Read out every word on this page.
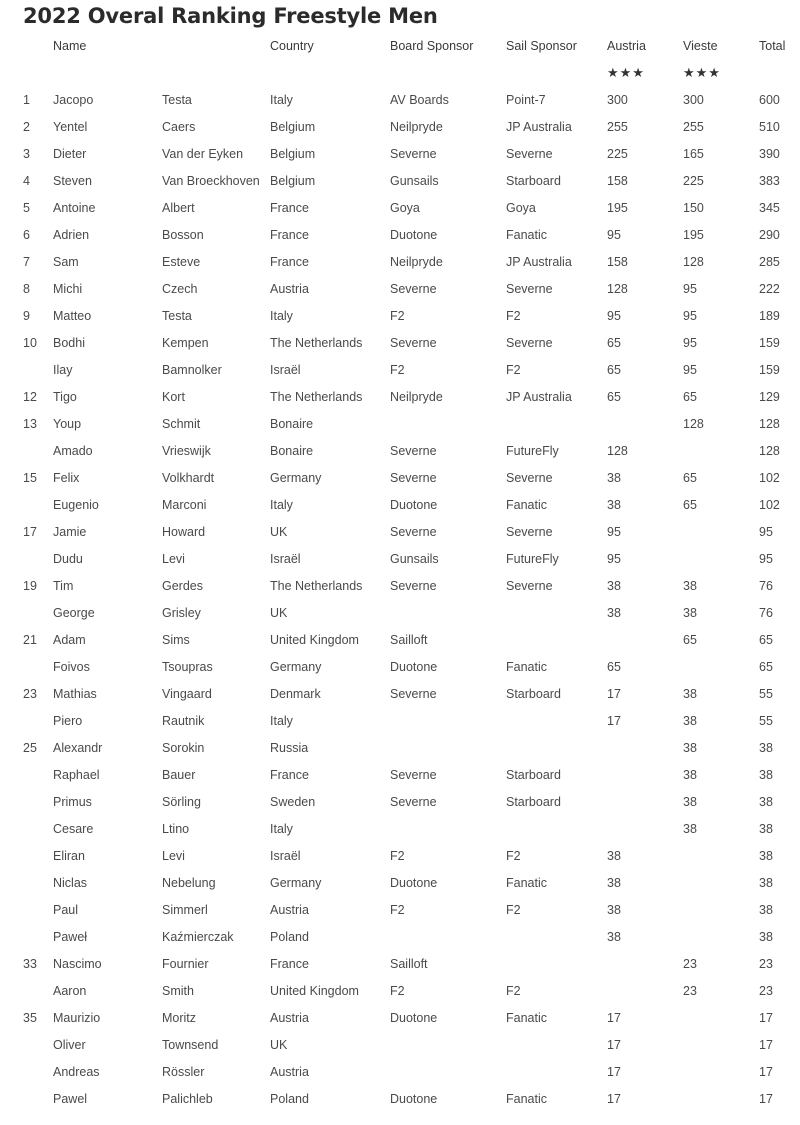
2022 Overal Ranking Freestyle Men
	Name		Country	Board Sponsor	Sail Sponsor	Austria	Vieste	Total
						★★★	★★★	
1	Jacopo	Testa	Italy	AV Boards	Point-7	300	300	600
2	Yentel	Caers	Belgium	Neilpryde	JP Australia	255	255	510
3	Dieter	Van der Eyken	Belgium	Severne	Severne	225	165	390
4	Steven	Van Broeckhoven	Belgium	Gunsails	Starboard	158	225	383
5	Antoine	Albert	France	Goya	Goya	195	150	345
6	Adrien	Bosson	France	Duotone	Fanatic	95	195	290
7	Sam	Esteve	France	Neilpryde	JP Australia	158	128	285
8	Michi	Czech	Austria	Severne	Severne	128	95	222
9	Matteo	Testa	Italy	F2	F2	95	95	189
10	Bodhi	Kempen	The Netherlands	Severne	Severne	65	95	159
	Ilay	Bamnolker	Israël	F2	F2	65	95	159
12	Tigo	Kort	The Netherlands	Neilpryde	JP Australia	65	65	129
13	Youp	Schmit	Bonaire				128	128
	Amado	Vrieswijk	Bonaire	Severne	FutureFly	128		128
15	Felix	Volkhardt	Germany	Severne	Severne	38	65	102
	Eugenio	Marconi	Italy	Duotone	Fanatic	38	65	102
17	Jamie	Howard	UK	Severne	Severne	95		95
	Dudu	Levi	Israël	Gunsails	FutureFly	95		95
19	Tim	Gerdes	The Netherlands	Severne	Severne	38	38	76
	George	Grisley	UK			38	38	76
21	Adam	Sims	United Kingdom	Sailloft			65	65
	Foivos	Tsoupras	Germany	Duotone	Fanatic	65		65
23	Mathias	Vingaard	Denmark	Severne	Starboard	17	38	55
	Piero	Rautnik	Italy			17	38	55
25	Alexandr	Sorokin	Russia				38	38
	Raphael	Bauer	France	Severne	Starboard		38	38
	Primus	Sörling	Sweden	Severne	Starboard		38	38
	Cesare	Ltino	Italy				38	38
	Eliran	Levi	Israël	F2	F2	38		38
	Niclas	Nebelung	Germany	Duotone	Fanatic	38		38
	Paul	Simmerl	Austria	F2	F2	38		38
	Paweł	Kaźmierczak	Poland			38		38
33	Nascimo	Fournier	France	Sailloft			23	23
	Aaron	Smith	United Kingdom	F2	F2		23	23
35	Maurizio	Moritz	Austria	Duotone	Fanatic	17		17
	Oliver	Townsend	UK			17		17
	Andreas	Rössler	Austria			17		17
	Pawel	Palichleb	Poland	Duotone	Fanatic	17		17
